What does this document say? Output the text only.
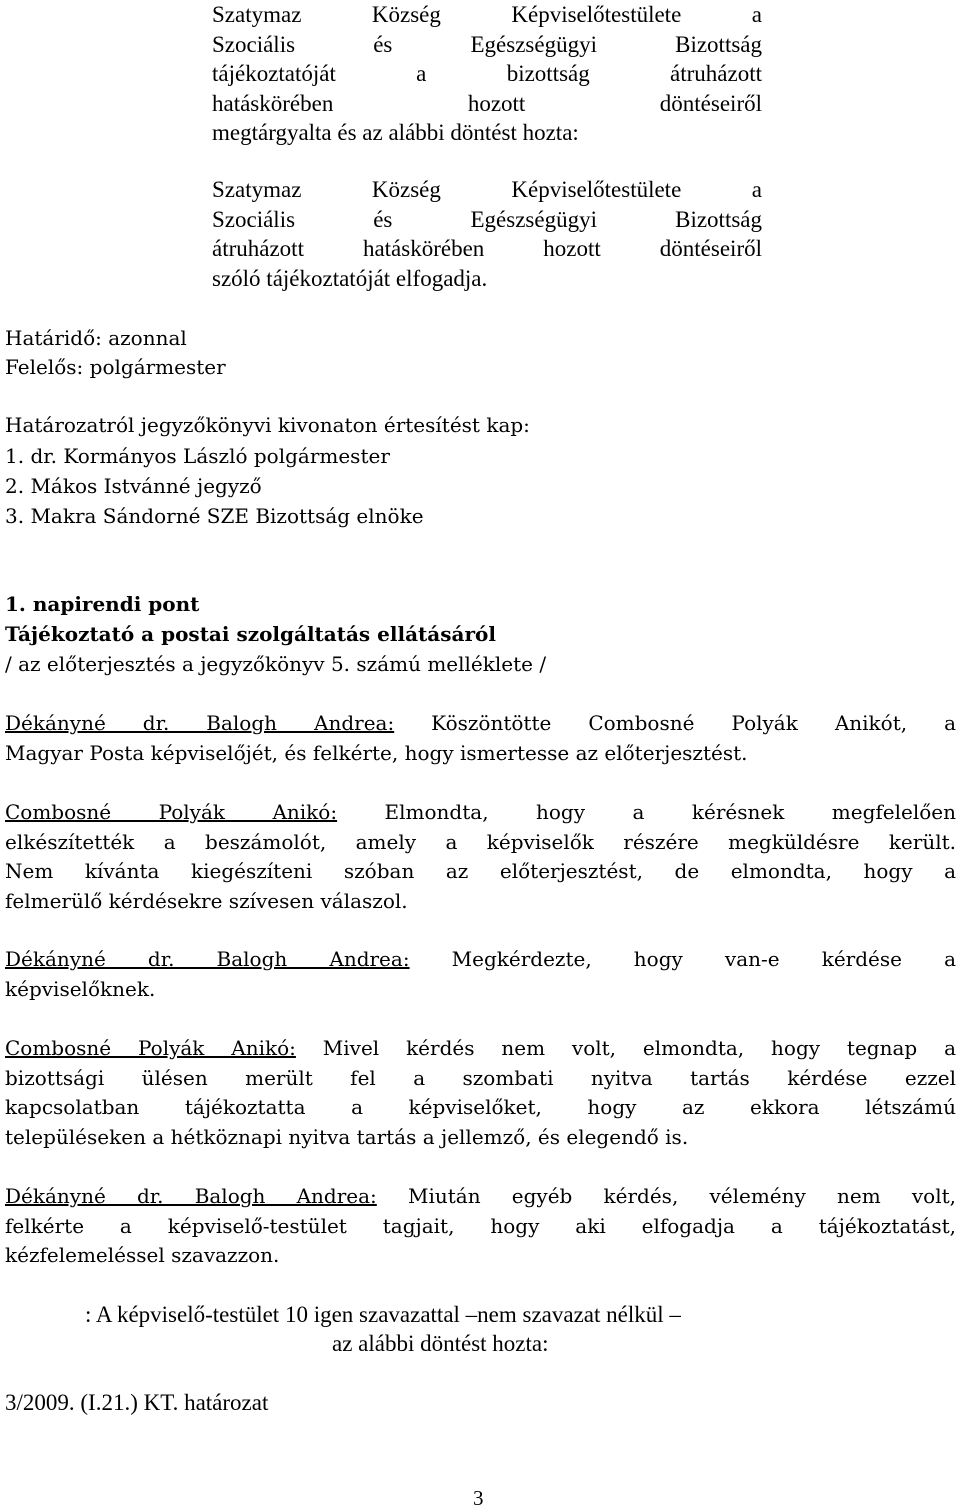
Szatymaz Község Képviselőtestülete a
Szociális és Egészségügyi Bizottság
tájékoztatóját a bizottság átruházott
hatáskörében hozott döntéseiről
megtárgyalta és az alábbi döntést hozta:
Szatymaz Község Képviselőtestülete a
Szociális és Egészségügyi Bizottság
átruházott hatáskörében hozott döntéseiről
szóló tájékoztatóját elfogadja.
Határidő: azonnal
Felelős: polgármester
Határozatról jegyzőkönyvi kivonaton értesítést kap:
1. dr. Kormányos László polgármester
2. Mákos Istvánné jegyző
3. Makra Sándorné SZE Bizottság elnöke
1. napirendi pont
Tájékoztató a postai szolgáltatás ellátásáról
/ az előterjesztés a jegyzőkönyv 5. számú melléklete /
Dékányné dr. Balogh Andrea: Köszöntötte Combosné Polyák Anikót, a
Magyar Posta képviselőjét, és felkérte, hogy ismertesse az előterjesztést.
Combosné Polyák Anikó: Elmondta, hogy a kérésnek megfelelően
elkészítették a beszámolót, amely a képviselők részére megküldésre került.
Nem kívánta kiegészíteni szóban az előterjesztést, de elmondta, hogy a
felmerülő kérdésekre szívesen válaszol.
Dékányné dr. Balogh Andrea: Megkérdezte, hogy van-e kérdése a
képviselőknek.
Combosné Polyák Anikó: Mivel kérdés nem volt, elmondta, hogy tegnap a
bizottsági ülésen merült fel a szombati nyitva tartás kérdése ezzel
kapcsolatban tájékoztatta a képviselőket, hogy az ekkora létszámú
településeken a hétköznapi nyitva tartás a jellemző, és elegendő is.
Dékányné dr. Balogh Andrea: Miután egyéb kérdés, vélemény nem volt,
felkérte a képviselő-testület tagjait, hogy aki elfogadja a tájékoztatást,
kézfelemeléssel szavazzon.
: A képviselő-testület 10 igen szavazattal –nem szavazat nélkül –
az alábbi döntést hozta:
3/2009. (I.21.) KT. határozat
3
